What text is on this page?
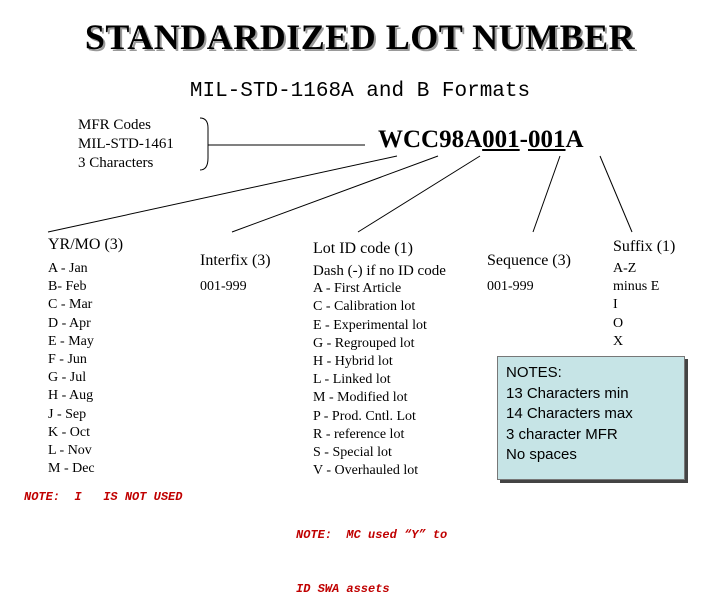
STANDARDIZED LOT NUMBER
MIL-STD-1168A and B Formats
MFR Codes
MIL-STD-1461
3 Characters
WCC98A001-001A
YR/MO (3)
A - Jan
B- Feb
C - Mar
D - Apr
E - May
F - Jun
G - Jul
H - Aug
J - Sep
K - Oct
L - Nov
M - Dec
Interfix (3)
001-999
Lot ID code (1)
Dash (-) if no ID code
A - First Article
C - Calibration lot
E - Experimental lot
G - Regrouped lot
H - Hybrid lot
L - Linked lot
M - Modified lot
P - Prod. Cntl. Lot
R - reference lot
S - Special lot
V - Overhauled lot
Sequence (3)
001-999
Suffix (1)
A-Z
minus E
I
O
X
NOTES:
13 Characters min
14 Characters max
3 character MFR
No spaces
NOTE:  I   IS NOT USED

NOTE:  MC used “Y” to

ID SWA assets
